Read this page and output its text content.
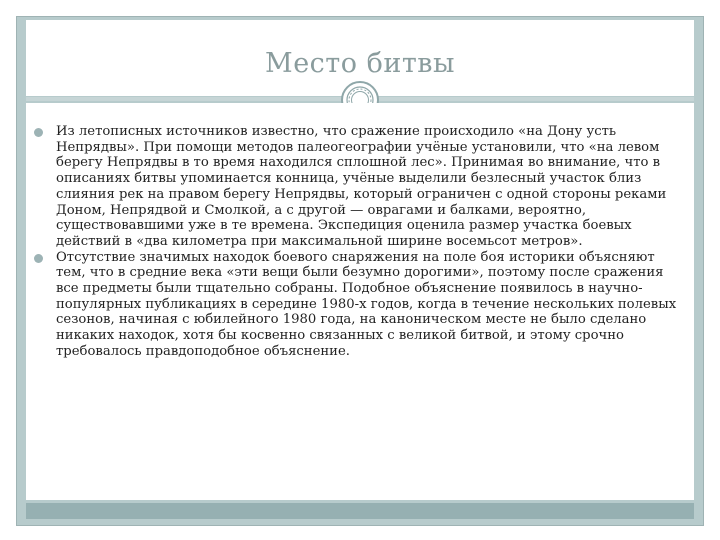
Место битвы
Из летописных источников известно, что сражение происходило «на Дону усть Непрядвы». При помощи методов палеогеографии учёные установили, что «на левом берегу Непрядвы в то время находился сплошной лес». Принимая во внимание, что в описаниях битвы упоминается конница, учёные выделили безлесный участок близ слияния рек на правом берегу Непрядвы, который ограничен с одной стороны реками Доном, Непрядвой и Смолкой, а с другой — оврагами и балками, вероятно, существовавшими уже в те времена. Экспедиция оценила размер участка боевых действий в «два километра при максимальной ширине восемьсот метров».
Отсутствие значимых находок боевого снаряжения на поле боя историки объясняют тем, что в средние века «эти вещи были безумно дорогими», поэтому после сражения все предметы были тщательно собраны. Подобное объяснение появилось в научно-популярных публикациях в середине 1980-х годов, когда в течение нескольких полевых сезонов, начиная с юбилейного 1980 года, на каноническом месте не было сделано никаких находок, хотя бы косвенно связанных с великой битвой, и этому срочно требовалось правдоподобное объяснение.
